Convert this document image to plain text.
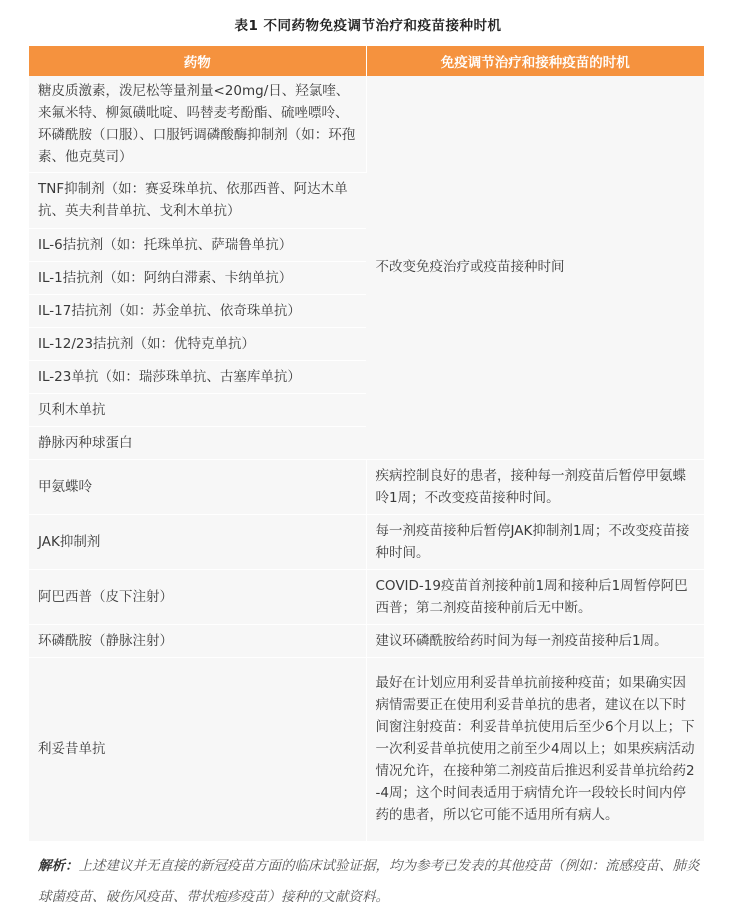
表1 不同药物免疫调节治疗和疫苗接种时机
药物	免疫调节治疗和接种疫苗的时机
糖皮质激素，泼尼松等量剂量<20mg/日、羟氯喹、来氟米特、柳氮磺吡啶、吗替麦考酚酯、硫唑嘌呤、环磷酰胺（口服）、口服钙调磷酸酶抑制剂（如：环孢素、他克莫司）	不改变免疫治疗或疫苗接种时间
TNF抑制剂（如：赛妥珠单抗、依那西普、阿达木单抗、英夫利昔单抗、戈利木单抗）	
IL-6拮抗剂（如：托珠单抗、萨瑞鲁单抗）	
IL-1拮抗剂（如：阿纳白滞素、卡纳单抗）	
IL-17拮抗剂（如：苏金单抗、依奇珠单抗）	
IL-12/23拮抗剂（如：优特克单抗）	
IL-23单抗（如：瑞莎珠单抗、古塞库单抗）	
贝利木单抗	
静脉丙种球蛋白	
甲氨蝶呤	疾病控制良好的患者，接种每一剂疫苗后暂停甲氨蝶呤1周；不改变疫苗接种时间。
JAK抑制剂	每一剂疫苗接种后暂停JAK抑制剂1周；不改变疫苗接种时间。
阿巴西普（皮下注射）	COVID-19疫苗首剂接种前1周和接种后1周暂停阿巴西普；第二剂疫苗接种前后无中断。
环磷酰胺（静脉注射）	建议环磷酰胺给药时间为每一剂疫苗接种后1周。
利妥昔单抗	最好在计划应用利妥昔单抗前接种疫苗；如果确实因病情需要正在使用利妥昔单抗的患者，建议在以下时间窗注射疫苗：利妥昔单抗使用后至少6个月以上；下一次利妥昔单抗使用之前至少4周以上；如果疾病活动情况允许，在接种第二剂疫苗后推迟利妥昔单抗给药2-4周；这个时间表适用于病情允许一段较长时间内停药的患者，所以它可能不适用所有病人。
解析：上述建议并无直接的新冠疫苗方面的临床试验证据，均为参考已发表的其他疫苗（例如：流感疫苗、肺炎球菌疫苗、破伤风疫苗、带状疱疹疫苗）接种的文献资料。
